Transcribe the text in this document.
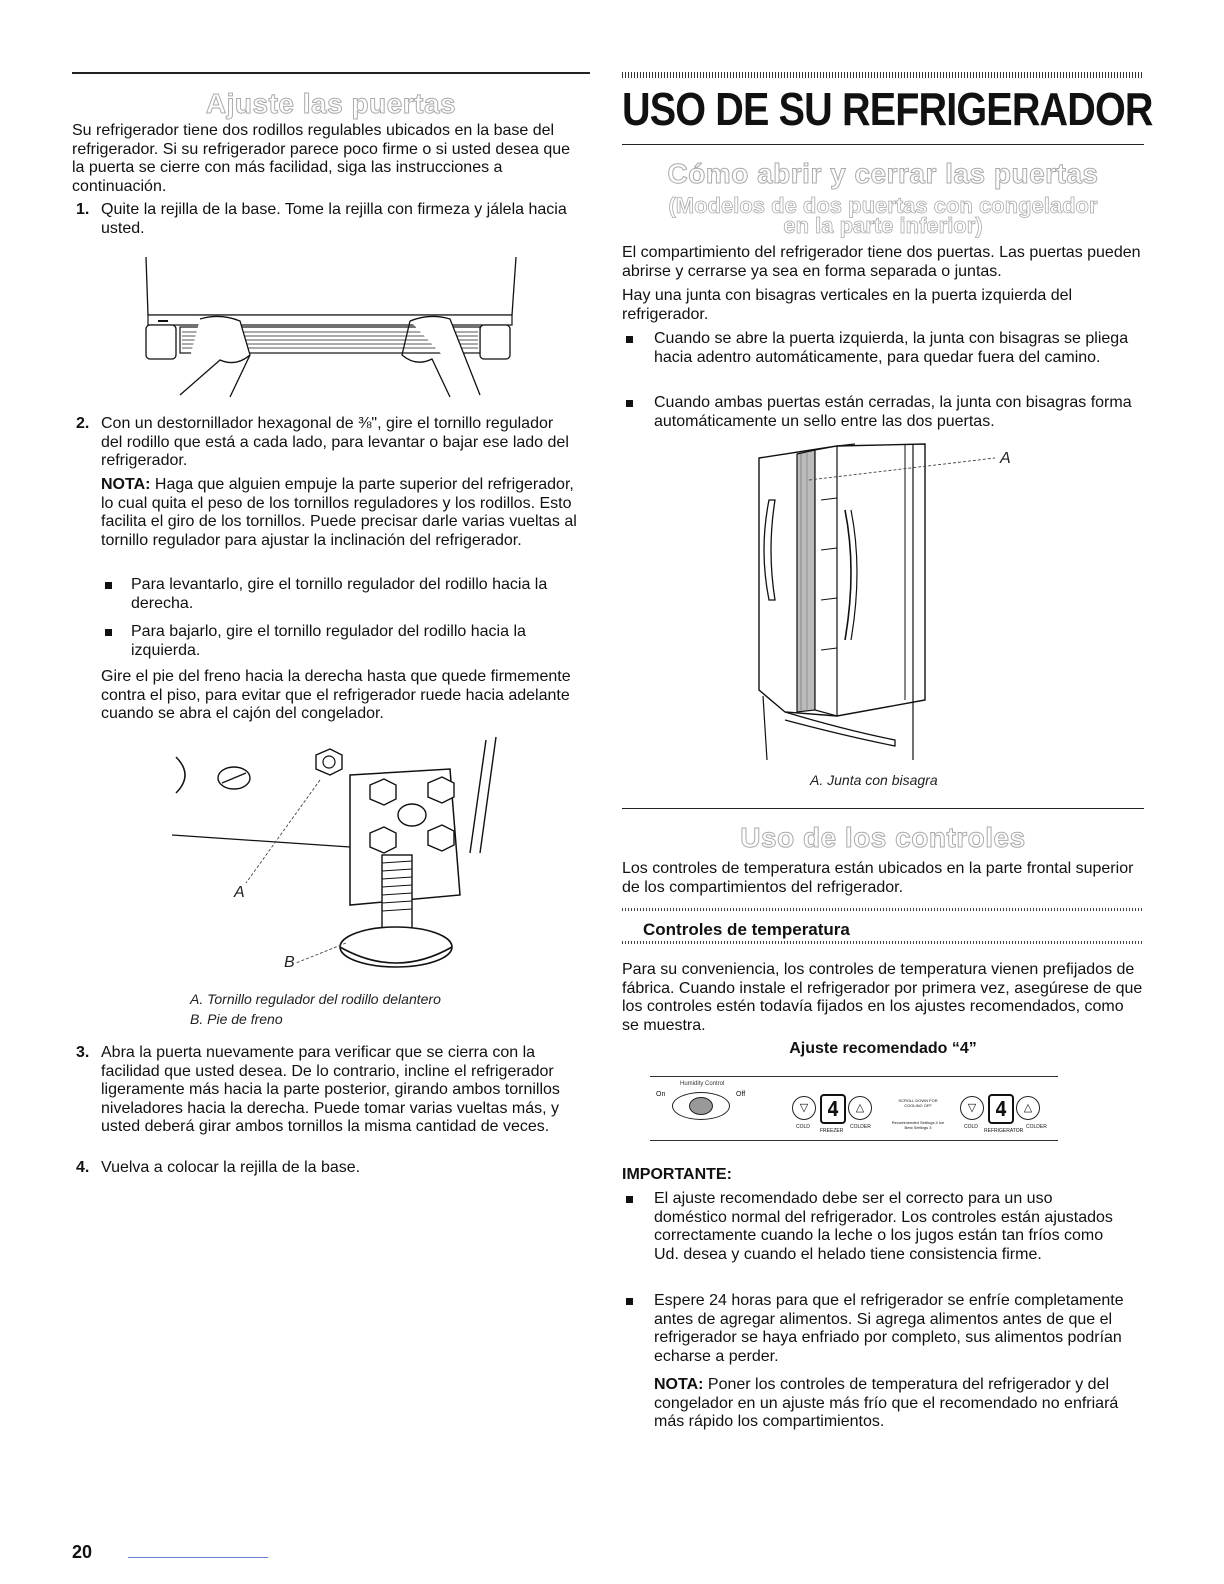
Ajuste las puertas

Su refrigerador tiene dos rodillos regulables ubicados en la base del refrigerador. Si su refrigerador parece poco firme o si usted desea que la puerta se cierre con más facilidad, siga las instrucciones a continuación.

1. Quite la rejilla de la base. Tome la rejilla con firmeza y jálela hacia usted.

2. Con un destornillador hexagonal de ⅜", gire el tornillo regulador del rodillo que está a cada lado, para levantar o bajar ese lado del refrigerador.

NOTA: Haga que alguien empuje la parte superior del refrigerador, lo cual quita el peso de los tornillos reguladores y los rodillos. Esto facilita el giro de los tornillos. Puede precisar darle varias vueltas al tornillo regulador para ajustar la inclinación del refrigerador.

Para levantarlo, gire el tornillo regulador del rodillo hacia la derecha.

Para bajarlo, gire el tornillo regulador del rodillo hacia la izquierda.

Gire el pie del freno hacia la derecha hasta que quede firmemente contra el piso, para evitar que el refrigerador ruede hacia adelante cuando se abra el cajón del congelador.

A
B
A. Tornillo regulador del rodillo delantero
B. Pie de freno
3. Abra la puerta nuevamente para verificar que se cierra con la facilidad que usted desea. De lo contrario, incline el refrigerador ligeramente más hacia la parte posterior, girando ambos tornillos niveladores hacia la derecha. Puede tomar varias vueltas más, y usted deberá girar ambos tornillos la misma cantidad de veces.

4. Vuelva a colocar la rejilla de la base.

USO DE SU REFRIGERADOR
Cómo abrir y cerrar las puertas
(Modelos de dos puertas con congelador
en la parte inferior)

El compartimiento del refrigerador tiene dos puertas. Las puertas pueden abrirse y cerrarse ya sea en forma separada o juntas.

Hay una junta con bisagras verticales en la puerta izquierda del refrigerador.

Cuando se abre la puerta izquierda, la junta con bisagras se pliega hacia adentro automáticamente, para quedar fuera del camino.

Cuando ambas puertas están cerradas, la junta con bisagras forma automáticamente un sello entre las dos puertas.

A
A. Junta con bisagra
Uso de los controles

Los controles de temperatura están ubicados en la parte frontal superior de los compartimientos del refrigerador.

Controles de temperatura

Para su conveniencia, los controles de temperatura vienen prefijados de fábrica. Cuando instale el refrigerador por primera vez, asegúrese de que los controles estén todavía fijados en los ajustes recomendados, como se muestra.

Ajuste recomendado “4”
Humidity Control
On	Off
▽ 4	△
COLD
FREEZER
COLDER
SCROLL DOWN FOR COOLING OFF
Recommended Settings 4 Ice Best Settings 3
▽ 4	△
COLD
REFRIGERATOR
COLDER
IMPORTANTE:

El ajuste recomendado debe ser el correcto para un uso doméstico normal del refrigerador. Los controles están ajustados correctamente cuando la leche o los jugos están tan fríos como Ud. desea y cuando el helado tiene consistencia firme.

Espere 24 horas para que el refrigerador se enfríe completamente antes de agregar alimentos. Si agrega alimentos antes de que el refrigerador se haya enfriado por completo, sus alimentos podrían echarse a perder.

NOTA: Poner los controles de temperatura del refrigerador y del congelador en un ajuste más frío que el recomendado no enfriará más rápido los compartimientos.

20
